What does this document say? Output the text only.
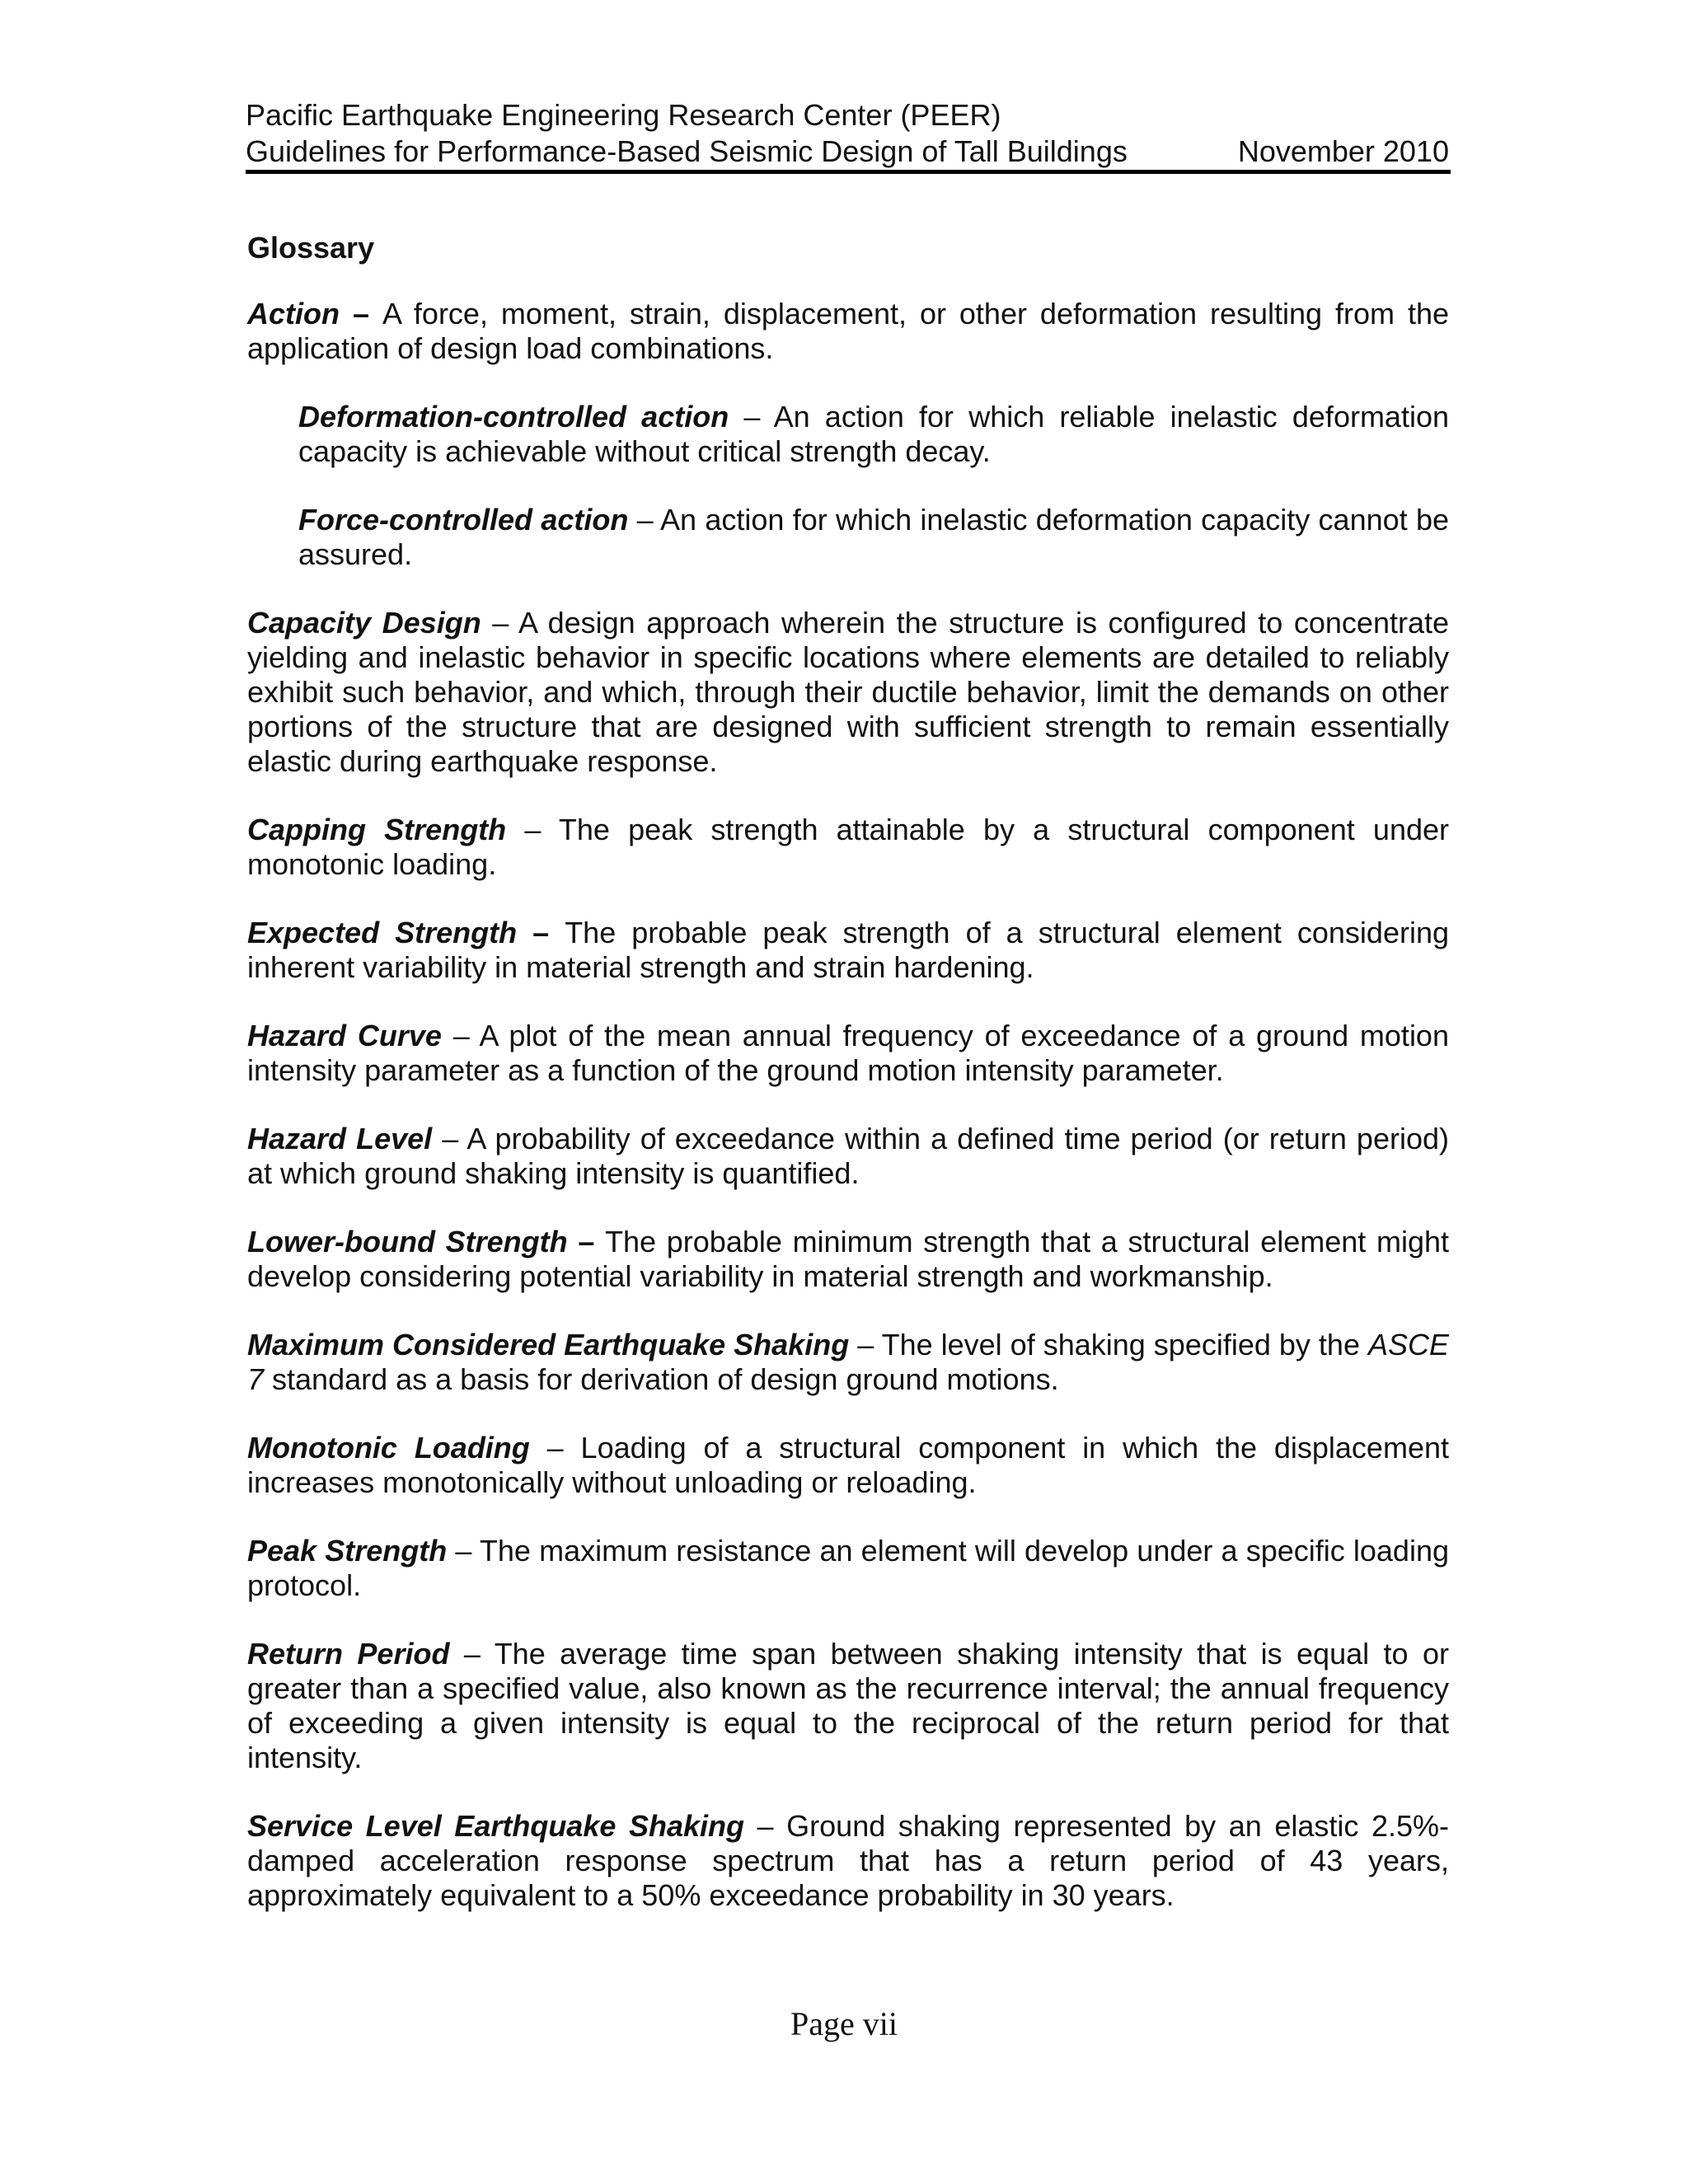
Pacific Earthquake Engineering Research Center (PEER)
Guidelines for Performance-Based Seismic Design of Tall Buildings	November 2010
Glossary

Action – A force, moment, strain, displacement, or other deformation resulting from the application of design load combinations.

Deformation-controlled action – An action for which reliable inelastic deformation capacity is achievable without critical strength decay.

Force-controlled action – An action for which inelastic deformation capacity cannot be assured.

Capacity Design – A design approach wherein the structure is configured to concentrate yielding and inelastic behavior in specific locations where elements are detailed to reliably exhibit such behavior, and which, through their ductile behavior, limit the demands on other portions of the structure that are designed with sufficient strength to remain essentially elastic during earthquake response.

Capping Strength – The peak strength attainable by a structural component under monotonic loading.

Expected Strength – The probable peak strength of a structural element considering inherent variability in material strength and strain hardening.

Hazard Curve – A plot of the mean annual frequency of exceedance of a ground motion intensity parameter as a function of the ground motion intensity parameter.

Hazard Level – A probability of exceedance within a defined time period (or return period) at which ground shaking intensity is quantified.

Lower-bound Strength – The probable minimum strength that a structural element might develop considering potential variability in material strength and workmanship.

Maximum Considered Earthquake Shaking – The level of shaking specified by the ASCE 7 standard as a basis for derivation of design ground motions.

Monotonic Loading – Loading of a structural component in which the displacement increases monotonically without unloading or reloading.

Peak Strength – The maximum resistance an element will develop under a specific loading protocol.

Return Period – The average time span between shaking intensity that is equal to or greater than a specified value, also known as the recurrence interval; the annual frequency of exceeding a given intensity is equal to the reciprocal of the return period for that intensity.

Service Level Earthquake Shaking – Ground shaking represented by an elastic 2.5%-damped acceleration response spectrum that has a return period of 43 years, approximately equivalent to a 50% exceedance probability in 30 years.

Page vii
